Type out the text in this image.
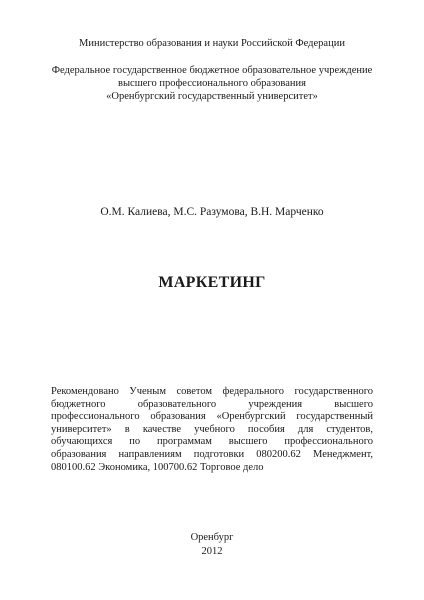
Министерство образования и науки Российской Федерации

Федеральное государственное бюджетное образовательное учреждение
высшего профессионального образования
«Оренбургский государственный университет»

О.М. Калиева, М.С. Разумова, В.Н. Марченко

МАРКЕТИНГ

Рекомендовано Ученым советом федерального государственного бюджетного образовательного учреждения высшего профессионального образования «Оренбургский государственный университет» в качестве учебного пособия для студентов, обучающихся по программам высшего профессионального образования направлениям подготовки 080200.62 Менеджмент, 080100.62 Экономика, 100700.62 Торговое дело

Оренбург

2012
